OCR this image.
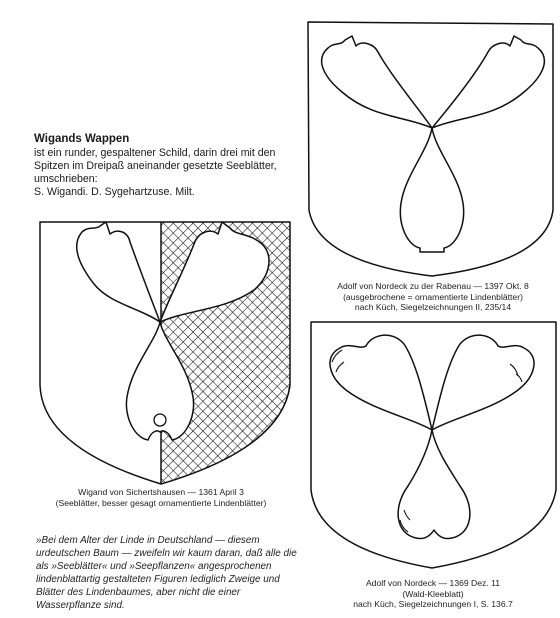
Wigands Wappen
ist ein runder, gespaltener Schild, darin drei mit den Spitzen im Dreipaß aneinander gesetzte Seeblätter, umschrieben:
S. Wigandi. D. Sygehartzuse. Milt.
Adolf von Nordeck zu der Rabenau — 1397 Okt. 8
(ausgebrochene = ornamentierte Lindenblätter)
nach Küch, Siegelzeichnungen II, 235/14
Wigand von Sichertshausen — 1361 April 3
(Seeblätter, besser gesagt ornamentierte Lindenblätter)
Adolf von Nordeck — 1369 Dez. 11
(Wald-Kleeblatt)
nach Küch, Siegelzeichnungen I, S. 136.7
»Bei dem Alter der Linde in Deutschland — diesem urdeutschen Baum — zweifeln wir kaum daran, daß alle die als »Seeblätter« und »Seepflanzen« angesprochenen lindenblattartig gestalteten Figuren lediglich Zweige und Blätter des Lindenbaumes, aber nicht die einer Wasserpflanze sind.
